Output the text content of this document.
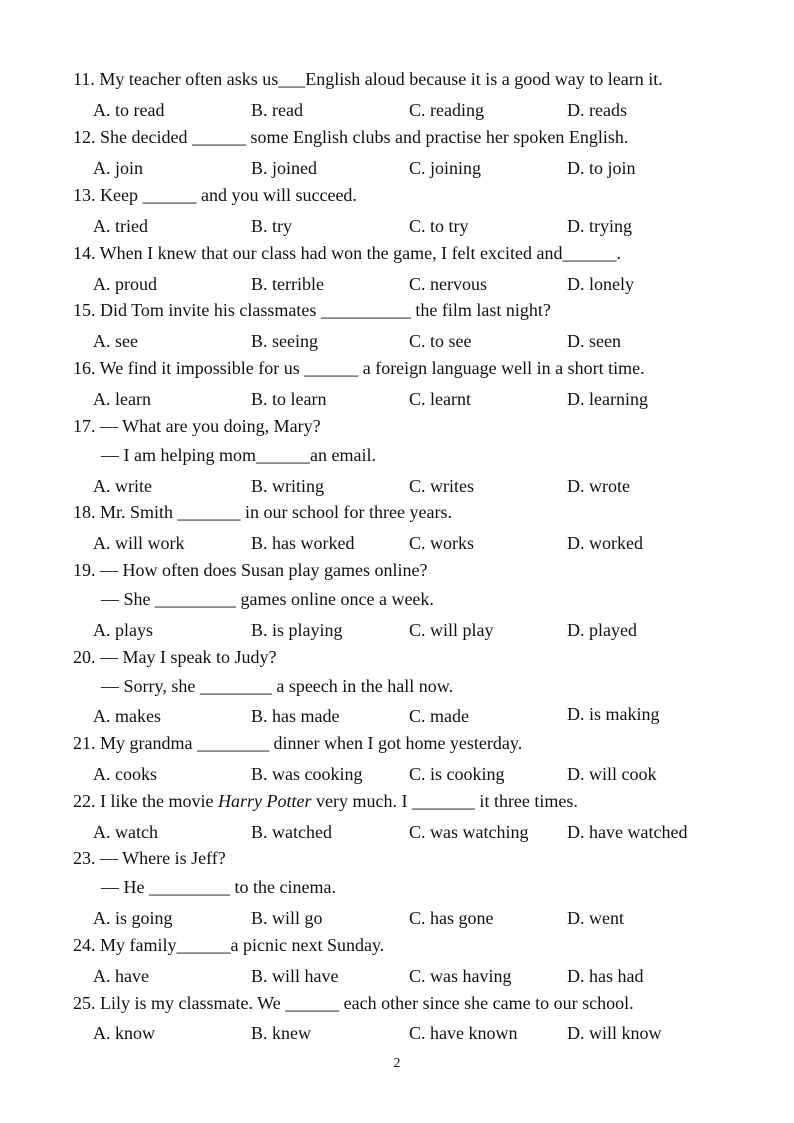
11. My teacher often asks us___English aloud because it is a good way to learn it.
A. to read	B. read	C. reading	D. reads
12. She decided ______ some English clubs and practise her spoken English.
A. join	B. joined	C. joining	D. to join
13. Keep ______ and you will succeed.
A. tried	B. try	C. to try	D. trying
14. When I knew that our class had won the game, I felt excited and______.
A. proud	B. terrible	C. nervous	D. lonely
15. Did Tom invite his classmates __________ the film last night?
A. see	B. seeing	C. to see	D. seen
16. We find it impossible for us ______ a foreign language well in a short time.
A. learn	B. to learn	C. learnt	D. learning
17. — What are you doing, Mary?
— I am helping mom______an email.
A. write	B. writing	C. writes	D. wrote
18. Mr. Smith _______ in our school for three years.
A. will work	B. has worked	C. works	D. worked
19. — How often does Susan play games online?
— She _________ games online once a week.
A. plays	B. is playing	C. will play	D. played
20. — May I speak to Judy?
— Sorry, she ________ a speech in the hall now.
A. makes	B. has made	C. made	D. is making
21. My grandma ________ dinner when I got home yesterday.
A. cooks	B. was cooking	C. is cooking	D. will cook
22. I like the movie Harry Potter very much. I _______ it three times.
A. watch	B. watched	C. was watching D. have watched
23. — Where is Jeff?
— He _________ to the cinema.
A. is going	B. will go	C. has gone	D. went
24. My family______a picnic next Sunday.
A. have	B. will have	C. was having	D. has had
25. Lily is my classmate. We ______ each other since she came to our school.
A. know	B. knew	C. have known	D. will know
2
